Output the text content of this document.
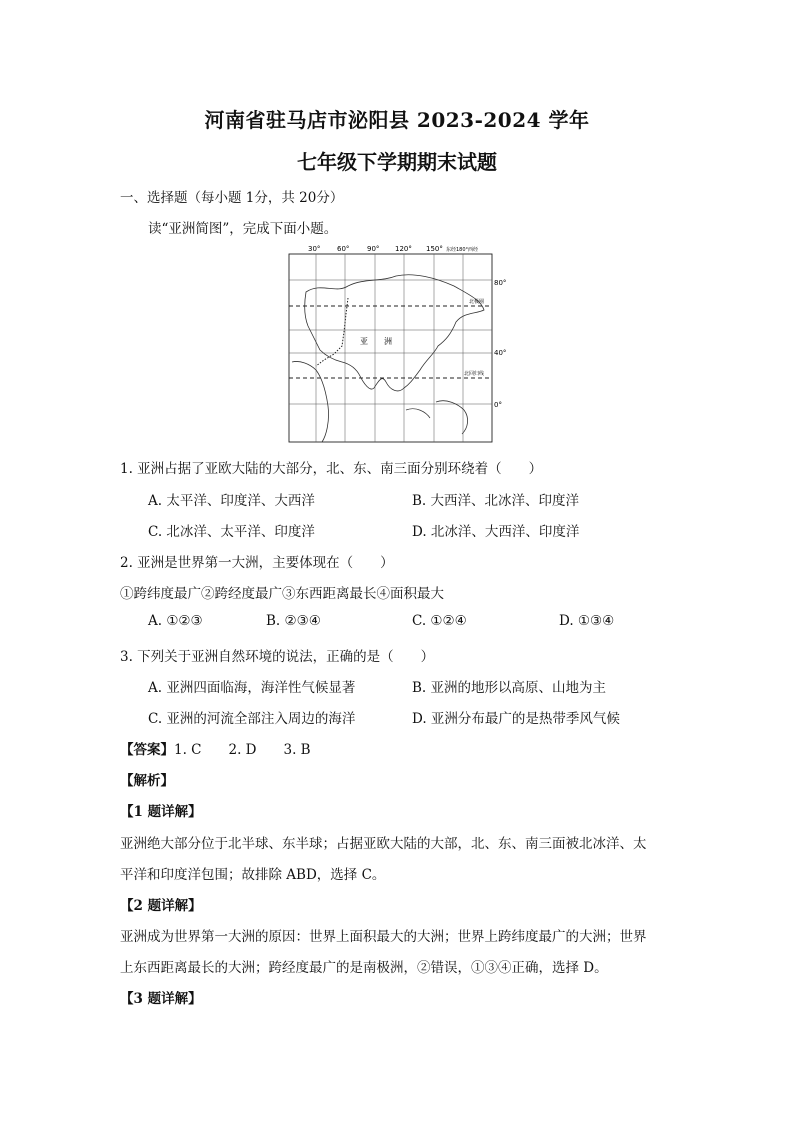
河南省驻马店市泌阳县 2023-2024 学年
七年级下学期期末试题
一、选择题（每小题 1分，共 20分）
读“亚洲简图”，完成下面小题。
30° 60°	90° 120° 150° 东经180°西经
80°
40°
0°
北极圈
北回归线
亚 洲
1. 亚洲占据了亚欧大陆的大部分，北、东、南三面分别环绕着（　　）
A. 太平洋、印度洋、大西洋	B. 大西洋、北冰洋、印度洋
C. 北冰洋、太平洋、印度洋	D. 北冰洋、大西洋、印度洋
2. 亚洲是世界第一大洲，主要体现在（　　）
①跨纬度最广②跨经度最广③东西距离最长④面积最大
A. ①②③	B. ②③④	C. ①②④	D. ①③④
3. 下列关于亚洲自然环境的说法，正确的是（　　）
A. 亚洲四面临海，海洋性气候显著	B. 亚洲的地形以高原、山地为主
C. 亚洲的河流全部注入周边的海洋	D. 亚洲分布最广的是热带季风气候
【答案】1. C　　2. D　　3. B
【解析】
【1 题详解】
亚洲绝大部分位于北半球、东半球；占据亚欧大陆的大部，北、东、南三面被北冰洋、太
平洋和印度洋包围；故排除 ABD，选择 C。
【2 题详解】
亚洲成为世界第一大洲的原因：世界上面积最大的大洲；世界上跨纬度最广的大洲；世界
上东西距离最长的大洲；跨经度最广的是南极洲，②错误，①③④正确，选择 D。
【3 题详解】
